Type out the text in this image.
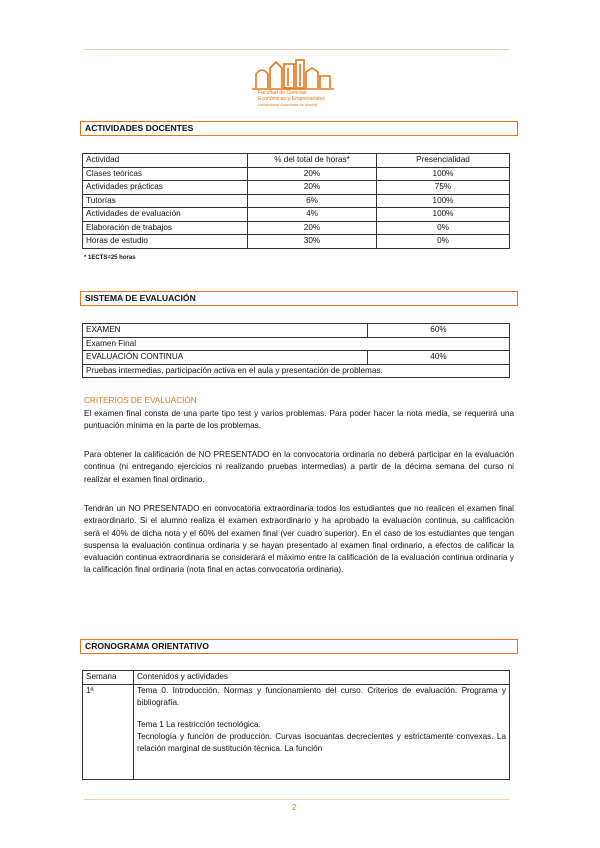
Facultad de Ciencias
Económicas y Empresariales
Universidad Autónoma de Madrid
ACTIVIDADES DOCENTES
Actividad	% del total de horas*	Presencialidad
Clases teóricas	20%	100%
Actividades prácticas	20%	75%
Tutorías	6%	100%
Actividades de evaluación	4%	100%
Elaboración de trabajos	20%	0%
Horas de estudio	30%	0%
* 1ECTS=25 horas
SISTEMA DE EVALUACIÓN
EXAMEN	60%
Examen Final	
EVALUACIÓN CONTINUA	40%
Pruebas intermedias, participación activa en el aula y presentación de problemas.	
CRITERIOS DE EVALUACIÓN

El examen final consta de una parte tipo test y varios problemas. Para poder hacer la nota media, se requerirá una puntuación mínima en la parte de los problemas.

Para obtener la calificación de NO PRESENTADO en la convocatoria ordinaria no deberá participar en la evaluación continua (ni entregando ejercicios ni realizando pruebas intermedias) a partir de la décima semana del curso ni realizar el examen final ordinario.

Tendrán un NO PRESENTADO en convocatoria extraordinaria todos los estudiantes que no realicen el examen final extraordinario. Si el alumno realiza el examen extraordinario y ha aprobado la evaluación continua, su calificación será el 40% de dicha nota y el 60% del examen final (ver cuadro superior). En el caso de los estudiantes que tengan suspensa la evaluación continua ordinaria y se hayan presentado al examen final ordinario, a efectos de calificar la evaluación continua extraordinaria se considerará el máximo entre la calificación de la evaluación continua ordinaria y la calificación final ordinaria (nota final en actas convocatoria ordinaria).

CRONOGRAMA ORIENTATIVO
Semana	Contenidos y actividades
1ª	Tema 0. Introducción. Normas y funcionamiento del curso. Criterios de evaluación. Programa y bibliografía.
Tema 1 La restricción tecnológica.
Tecnología y función de producción. Curvas isocuantas decrecientes y estrictamente convexas. La relación marginal de sustitución técnica. La función
2
